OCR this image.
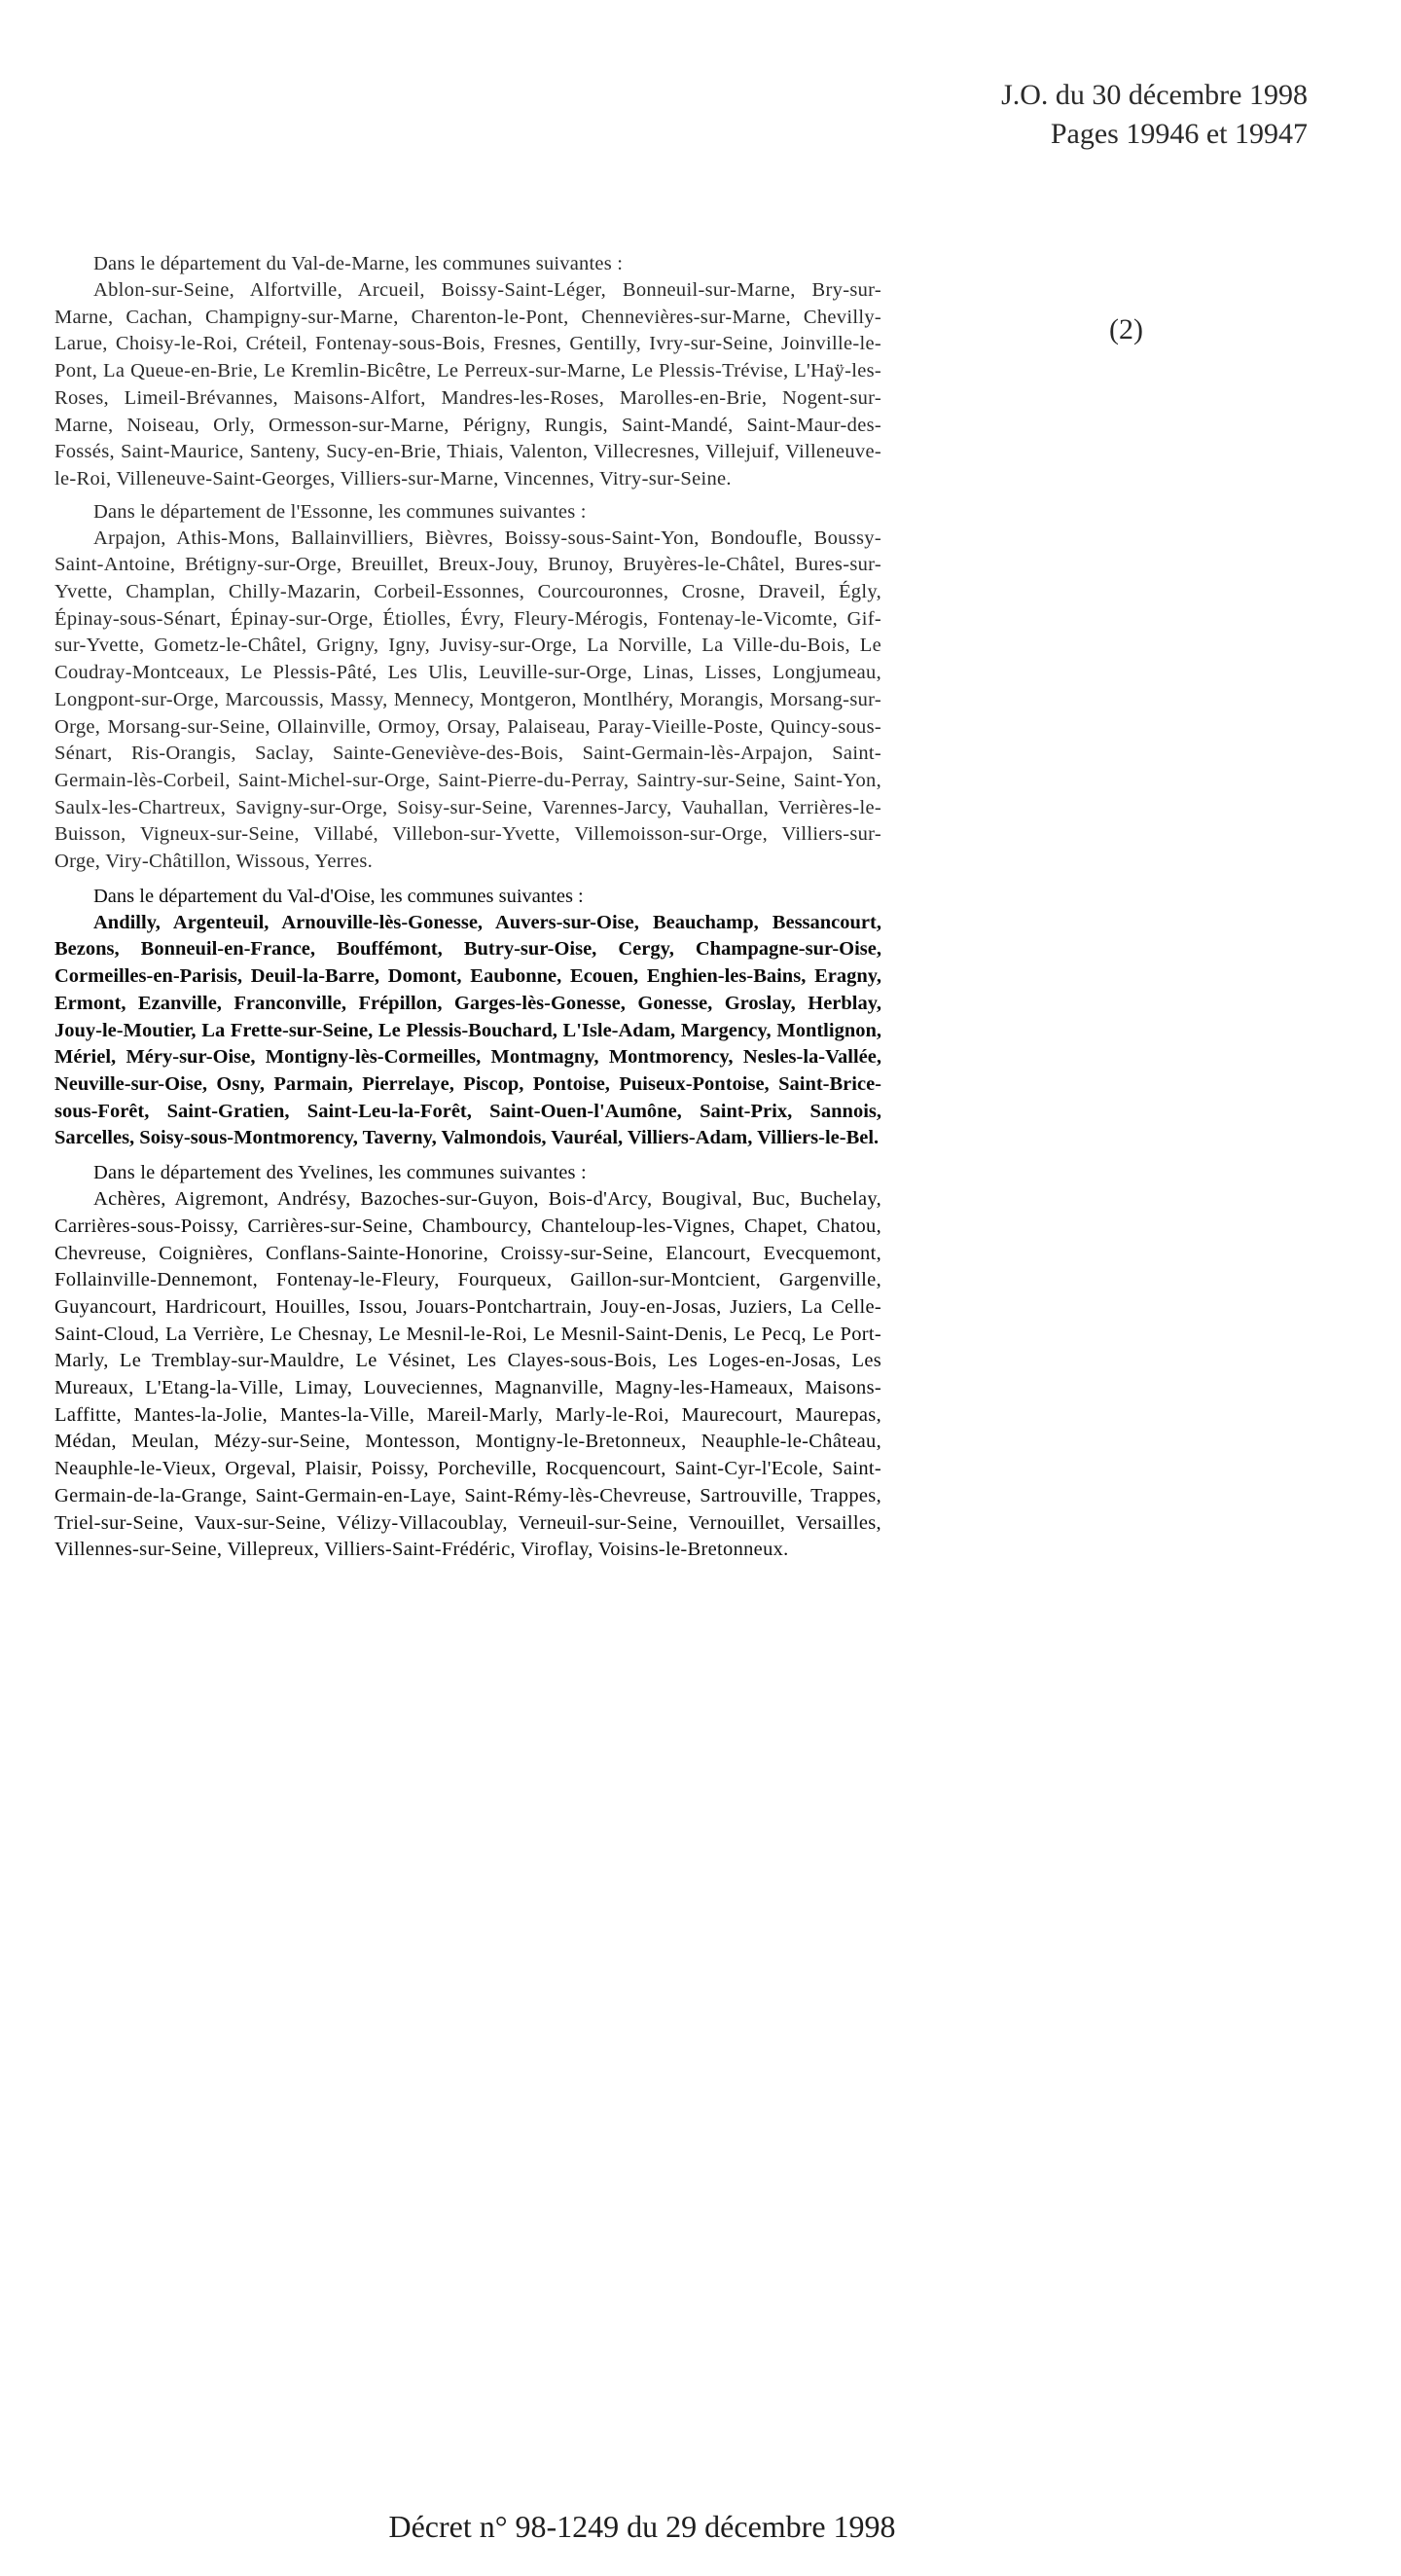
J.O. du 30 décembre 1998
Pages 19946 et 19947
(2)

Dans le département du Val-de-Marne, les communes suivantes :

Ablon-sur-Seine, Alfortville, Arcueil, Boissy-Saint-Léger, Bonneuil-sur-Marne, Bry-sur-Marne, Cachan, Champigny-sur-Marne, Charenton-le-Pont, Chennevières-sur-Marne, Chevilly-Larue, Choisy-le-Roi, Créteil, Fontenay-sous-Bois, Fresnes, Gentilly, Ivry-sur-Seine, Joinville-le-Pont, La Queue-en-Brie, Le Kremlin-Bicêtre, Le Perreux-sur-Marne, Le Plessis-Trévise, L'Haÿ-les-Roses, Limeil-Brévannes, Maisons-Alfort, Mandres-les-Roses, Marolles-en-Brie, Nogent-sur-Marne, Noiseau, Orly, Ormesson-sur-Marne, Périgny, Rungis, Saint-Mandé, Saint-Maur-des-Fossés, Saint-Maurice, Santeny, Sucy-en-Brie, Thiais, Valenton, Villecresnes, Villejuif, Villeneuve-le-Roi, Villeneuve-Saint-Georges, Villiers-sur-Marne, Vincennes, Vitry-sur-Seine.

Dans le département de l'Essonne, les communes suivantes :

Arpajon, Athis-Mons, Ballainvilliers, Bièvres, Boissy-sous-Saint-Yon, Bondoufle, Boussy-Saint-Antoine, Brétigny-sur-Orge, Breuillet, Breux-Jouy, Brunoy, Bruyères-le-Châtel, Bures-sur-Yvette, Champlan, Chilly-Mazarin, Corbeil-Essonnes, Courcouronnes, Crosne, Draveil, Égly, Épinay-sous-Sénart, Épinay-sur-Orge, Étiolles, Évry, Fleury-Mérogis, Fontenay-le-Vicomte, Gif-sur-Yvette, Gometz-le-Châtel, Grigny, Igny, Juvisy-sur-Orge, La Norville, La Ville-du-Bois, Le Coudray-Montceaux, Le Plessis-Pâté, Les Ulis, Leuville-sur-Orge, Linas, Lisses, Longjumeau, Longpont-sur-Orge, Marcoussis, Massy, Mennecy, Montgeron, Montlhéry, Morangis, Morsang-sur-Orge, Morsang-sur-Seine, Ollainville, Ormoy, Orsay, Palaiseau, Paray-Vieille-Poste, Quincy-sous-Sénart, Ris-Orangis, Saclay, Sainte-Geneviève-des-Bois, Saint-Germain-lès-Arpajon, Saint-Germain-lès-Corbeil, Saint-Michel-sur-Orge, Saint-Pierre-du-Perray, Saintry-sur-Seine, Saint-Yon, Saulx-les-Chartreux, Savigny-sur-Orge, Soisy-sur-Seine, Varennes-Jarcy, Vauhallan, Verrières-le-Buisson, Vigneux-sur-Seine, Villabé, Villebon-sur-Yvette, Villemoisson-sur-Orge, Villiers-sur-Orge, Viry-Châtillon, Wissous, Yerres.

Dans le département du Val-d'Oise, les communes suivantes :

Andilly, Argenteuil, Arnouville-lès-Gonesse, Auvers-sur-Oise, Beauchamp, Bessancourt, Bezons, Bonneuil-en-France, Bouffémont, Butry-sur-Oise, Cergy, Champagne-sur-Oise, Cormeilles-en-Parisis, Deuil-la-Barre, Domont, Eaubonne, Ecouen, Enghien-les-Bains, Eragny, Ermont, Ezanville, Franconville, Frépillon, Garges-lès-Gonesse, Gonesse, Groslay, Herblay, Jouy-le-Moutier, La Frette-sur-Seine, Le Plessis-Bouchard, L'Isle-Adam, Margency, Montlignon, Mériel, Méry-sur-Oise, Montigny-lès-Cormeilles, Montmagny, Montmorency, Nesles-la-Vallée, Neuville-sur-Oise, Osny, Parmain, Pierrelaye, Piscop, Pontoise, Puiseux-Pontoise, Saint-Brice-sous-Forêt, Saint-Gratien, Saint-Leu-la-Forêt, Saint-Ouen-l'Aumône, Saint-Prix, Sannois, Sarcelles, Soisy-sous-Montmorency, Taverny, Valmondois, Vauréal, Villiers-Adam, Villiers-le-Bel.

Dans le département des Yvelines, les communes suivantes :

Achères, Aigremont, Andrésy, Bazoches-sur-Guyon, Bois-d'Arcy, Bougival, Buc, Buchelay, Carrières-sous-Poissy, Carrières-sur-Seine, Chambourcy, Chanteloup-les-Vignes, Chapet, Chatou, Chevreuse, Coignières, Conflans-Sainte-Honorine, Croissy-sur-Seine, Elancourt, Evecquemont, Follainville-Dennemont, Fontenay-le-Fleury, Fourqueux, Gaillon-sur-Montcient, Gargenville, Guyancourt, Hardricourt, Houilles, Issou, Jouars-Pontchartrain, Jouy-en-Josas, Juziers, La Celle-Saint-Cloud, La Verrière, Le Chesnay, Le Mesnil-le-Roi, Le Mesnil-Saint-Denis, Le Pecq, Le Port-Marly, Le Tremblay-sur-Mauldre, Le Vésinet, Les Clayes-sous-Bois, Les Loges-en-Josas, Les Mureaux, L'Etang-la-Ville, Limay, Louveciennes, Magnanville, Magny-les-Hameaux, Maisons-Laffitte, Mantes-la-Jolie, Mantes-la-Ville, Mareil-Marly, Marly-le-Roi, Maurecourt, Maurepas, Médan, Meulan, Mézy-sur-Seine, Montesson, Montigny-le-Bretonneux, Neauphle-le-Château, Neauphle-le-Vieux, Orgeval, Plaisir, Poissy, Porcheville, Rocquencourt, Saint-Cyr-l'Ecole, Saint-Germain-de-la-Grange, Saint-Germain-en-Laye, Saint-Rémy-lès-Chevreuse, Sartrouville, Trappes, Triel-sur-Seine, Vaux-sur-Seine, Vélizy-Villacoublay, Verneuil-sur-Seine, Vernouillet, Versailles, Villennes-sur-Seine, Villepreux, Villiers-Saint-Frédéric, Viroflay, Voisins-le-Bretonneux.

Décret n° 98-1249 du 29 décembre 1998
